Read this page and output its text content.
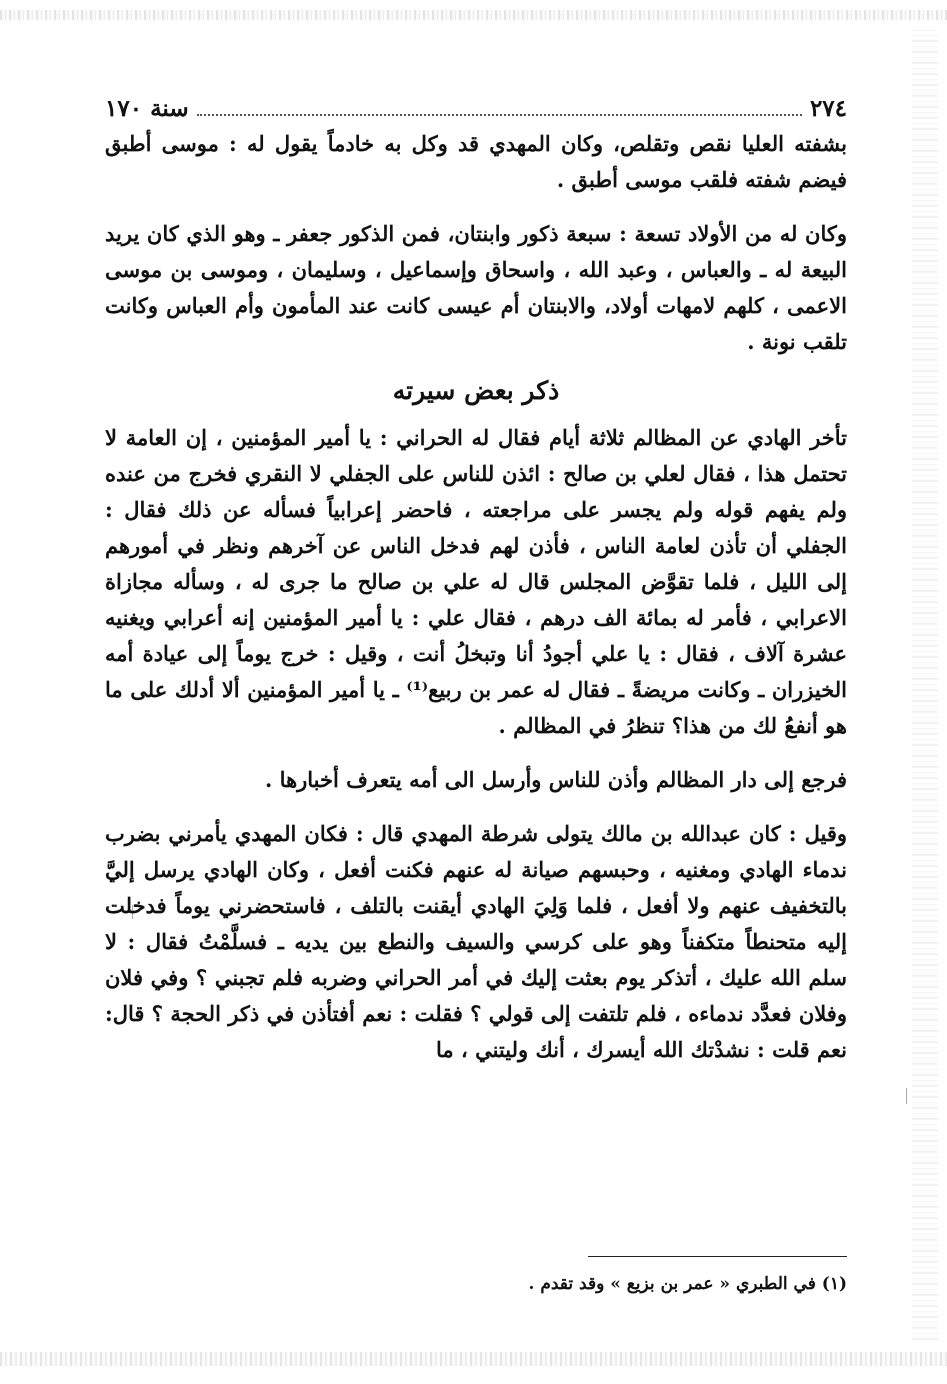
٢٧٤
سنة ١٧٠

بشفته العليا نقص وتقلص، وكان المهدي قد وكل به خادماً يقول له : موسى أطبق فيضم شفته فلقب موسى أطبق .

وكان له من الأولاد تسعة : سبعة ذكور وابنتان، فمن الذكور جعفر ـ وهو الذي كان يريد البيعة له ـ والعباس ، وعبد الله ، واسحاق وإسماعيل ، وسليمان ، وموسى بن موسى الاعمى ، كلهم لامهات أولاد، والابنتان أم عيسى كانت عند المأمون وأم العباس وكانت تلقب نونة .

ذكر بعض سيرته

تأخر الهادي عن المظالم ثلاثة أيام فقال له الحراني : يا أمير المؤمنين ، إن العامة لا تحتمل هذا ، فقال لعلي بن صالح : ائذن للناس على الجفلي لا النقري فخرج من عنده ولم يفهم قوله ولم يجسر على مراجعته ، فاحضر إعرابياً فسأله عن ذلك فقال : الجفلي أن تأذن لعامة الناس ، فأذن لهم فدخل الناس عن آخرهم ونظر في أمورهم إلى الليل ، فلما تقوَّض المجلس قال له علي بن صالح ما جرى له ، وسأله مجازاة الاعرابي ، فأمر له بمائة الف درهم ، فقال علي : يا أمير المؤمنين إنه أعرابي ويغنيه عشرة آلاف ، فقال : يا علي أجودُ أنا وتبخلُ أنت ، وقيل : خرج يوماً إلى عيادة أمه الخيزران ـ وكانت مريضةً ـ فقال له عمر بن ربيع⁽¹⁾ ـ يا أمير المؤمنين ألا أدلك على ما هو أنفعُ لك من هذا؟ تنظرُ في المظالم .

فرجع إلى دار المظالم وأذن للناس وأرسل الى أمه يتعرف أخبارها .

وقيل : كان عبدالله بن مالك يتولى شرطة المهدي قال : فكان المهدي يأمرني بضرب ندماء الهادي ومغنيه ، وحبسهم صيانة له عنهم فكنت أفعل ، وكان الهادي يرسل إليَّ بالتخفيف عنهم ولا أفعل ، فلما وَلِيَ الهادي أيقنت بالتلف ، فاستحضرني يوماً فدخلت إليه متحنطاً متكفناً وهو على كرسي والسيف والنطع بين يديه ـ فسلَّمْتُ فقال : لا سلم الله عليك ، أتذكر يوم بعثت إليك في أمر الحراني وضربه فلم تجبني ؟ وفي فلان وفلان فعدَّد ندماءه ، فلم تلتفت إلى قولي ؟ فقلت : نعم أفتأذن في ذكر الحجة ؟ قال: نعم قلت : نشدْتك الله أيسرك ، أنك وليتني ، ما

(١) في الطبري « عمر بن بزيع » وقد تقدم .
